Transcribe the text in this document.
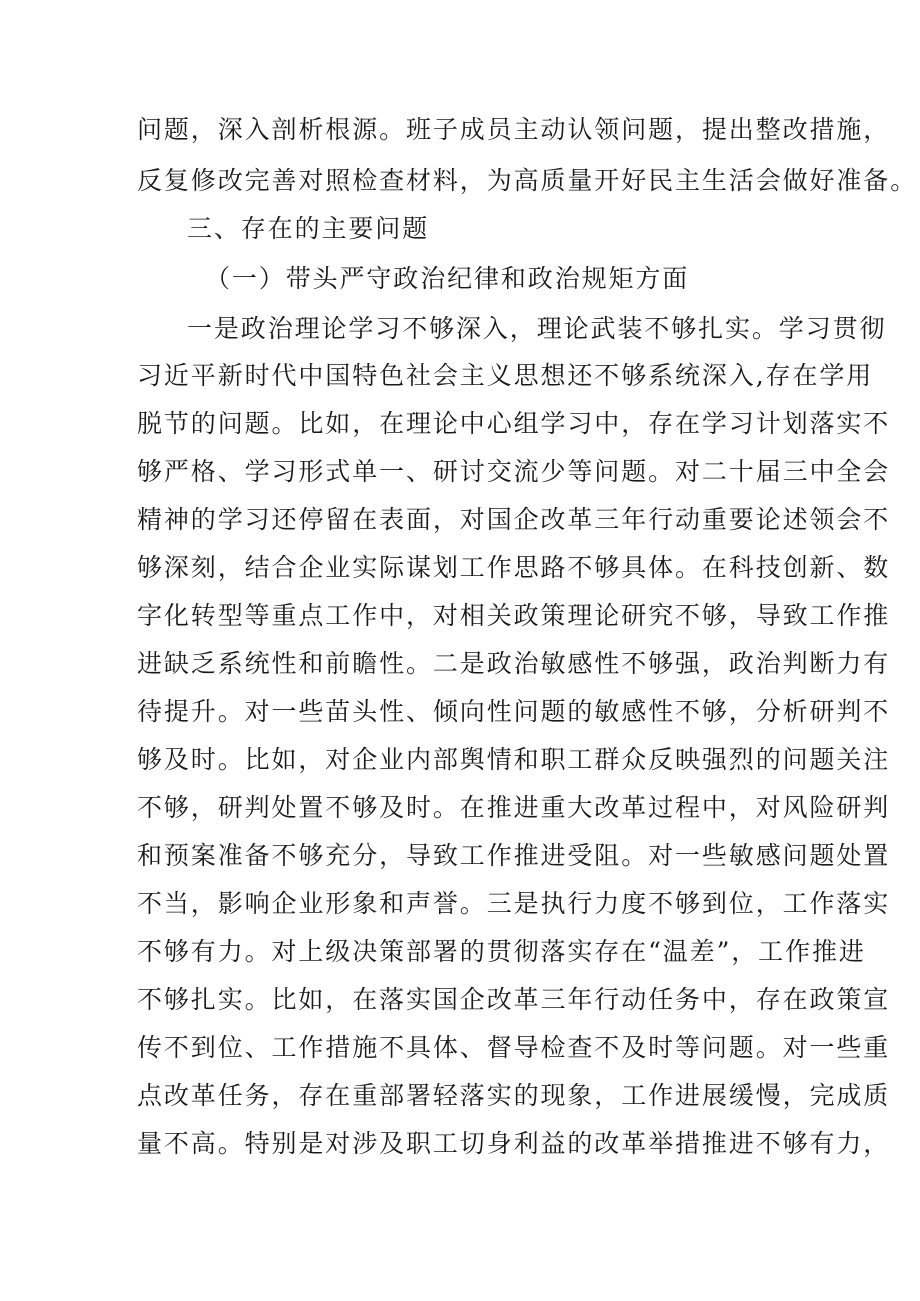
问题，深入剖析根源。班子成员主动认领问题，提出整改措施，
反复修改完善对照检查材料，为高质量开好民主生活会做好准备。
三、存在的主要问题
（一）带头严守政治纪律和政治规矩方面
一是政治理论学习不够深入，理论武装不够扎实。学习贯彻
习近平新时代中国特色社会主义思想还不够系统深入,存在学用
脱节的问题。比如，在理论中心组学习中，存在学习计划落实不
够严格、学习形式单一、研讨交流少等问题。对二十届三中全会
精神的学习还停留在表面，对国企改革三年行动重要论述领会不
够深刻，结合企业实际谋划工作思路不够具体。在科技创新、数
字化转型等重点工作中，对相关政策理论研究不够，导致工作推
进缺乏系统性和前瞻性。二是政治敏感性不够强，政治判断力有
待提升。对一些苗头性、倾向性问题的敏感性不够，分析研判不
够及时。比如，对企业内部舆情和职工群众反映强烈的问题关注
不够，研判处置不够及时。在推进重大改革过程中，对风险研判
和预案准备不够充分，导致工作推进受阻。对一些敏感问题处置
不当，影响企业形象和声誉。三是执行力度不够到位，工作落实
不够有力。对上级决策部署的贯彻落实存在“温差”，工作推进
不够扎实。比如，在落实国企改革三年行动任务中，存在政策宣
传不到位、工作措施不具体、督导检查不及时等问题。对一些重
点改革任务，存在重部署轻落实的现象，工作进展缓慢，完成质
量不高。特别是对涉及职工切身利益的改革举措推进不够有力，
